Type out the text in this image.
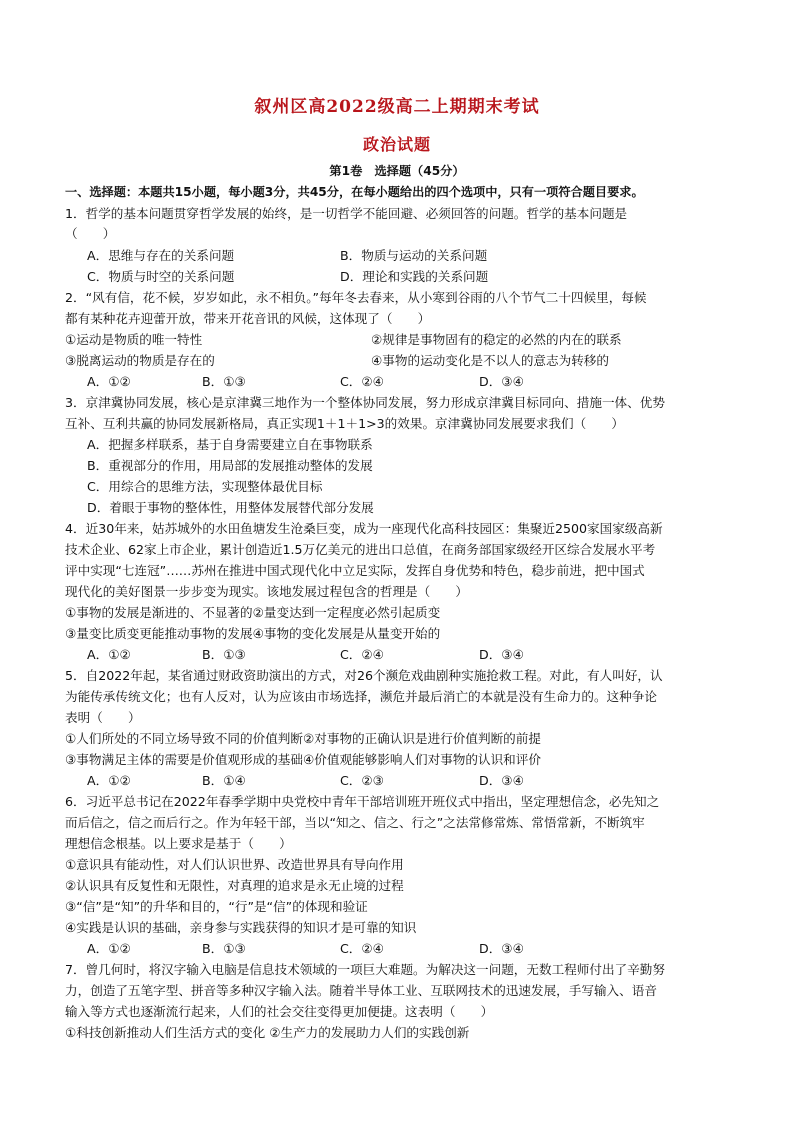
叙州区高2022级高二上期期末考试
政治试题
第1卷　选择题（45分）
一、选择题：本题共15小题，每小题3分，共45分，在每小题给出的四个选项中，只有一项符合题目要求。
1．哲学的基本问题贯穿哲学发展的始终，是一切哲学不能回避、必须回答的问题。哲学的基本问题是
（　　）
A．思维与存在的关系问题	B．物质与运动的关系问题
C．物质与时空的关系问题	D．理论和实践的关系问题
2．“风有信，花不候，岁岁如此，永不相负。”每年冬去春来，从小寒到谷雨的八个节气二十四候里，每候
都有某种花卉迎蕾开放，带来开花音讯的风候，这体现了（　　）
①运动是物质的唯一特性	②规律是事物固有的稳定的必然的内在的联系
③脱离运动的物质是存在的	④事物的运动变化是不以人的意志为转移的
A．①②	B．①③	C．②④	D．③④
3．京津冀协同发展，核心是京津冀三地作为一个整体协同发展，努力形成京津冀目标同向、措施一体、优势
互补、互利共赢的协同发展新格局，真正实现1＋1＋1>3的效果。京津冀协同发展要求我们（　　）
A．把握多样联系，基于自身需要建立自在事物联系
B．重视部分的作用，用局部的发展推动整体的发展
C．用综合的思维方法，实现整体最优目标
D．着眼于事物的整体性，用整体发展替代部分发展
4．近30年来，姑苏城外的水田鱼塘发生沧桑巨变，成为一座现代化高科技园区：集聚近2500家国家级高新
技术企业、62家上市企业，累计创造近1.5万亿美元的进出口总值，在商务部国家级经开区综合发展水平考
评中实现“七连冠”……苏州在推进中国式现代化中立足实际，发挥自身优势和特色，稳步前进，把中国式
现代化的美好图景一步步变为现实。该地发展过程包含的哲理是（　　）
①事物的发展是渐进的、不显著的②量变达到一定程度必然引起质变
③量变比质变更能推动事物的发展④事物的变化发展是从量变开始的
A．①②	B．①③	C．②④	D．③④
5．自2022年起，某省通过财政资助演出的方式，对26个濒危戏曲剧种实施抢救工程。对此，有人叫好，认
为能传承传统文化；也有人反对，认为应该由市场选择，濒危并最后消亡的本就是没有生命力的。这种争论
表明（　　）
①人们所处的不同立场导致不同的价值判断②对事物的正确认识是进行价值判断的前提
③事物满足主体的需要是价值观形成的基础④价值观能够影响人们对事物的认识和评价
A．①②	B．①④	C．②③	D．③④
6．习近平总书记在2022年春季学期中央党校中青年干部培训班开班仪式中指出，坚定理想信念，必先知之
而后信之，信之而后行之。作为年轻干部，当以“知之、信之、行之”之法常修常炼、常悟常新，不断筑牢
理想信念根基。以上要求是基于（　　）
①意识具有能动性，对人们认识世界、改造世界具有导向作用
②认识具有反复性和无限性，对真理的追求是永无止境的过程
③“信”是“知”的升华和目的，“行”是“信”的体现和验证
④实践是认识的基础，亲身参与实践获得的知识才是可靠的知识
A．①②	B．①③	C．②④	D．③④
7．曾几何时，将汉字输入电脑是信息技术领域的一项巨大难题。为解决这一问题，无数工程师付出了辛勤努
力，创造了五笔字型、拼音等多种汉字输入法。随着半导体工业、互联网技术的迅速发展，手写输入、语音
输入等方式也逐渐流行起来，人们的社会交往变得更加便捷。这表明（　　）
①科技创新推动人们生活方式的变化 ②生产力的发展助力人们的实践创新
